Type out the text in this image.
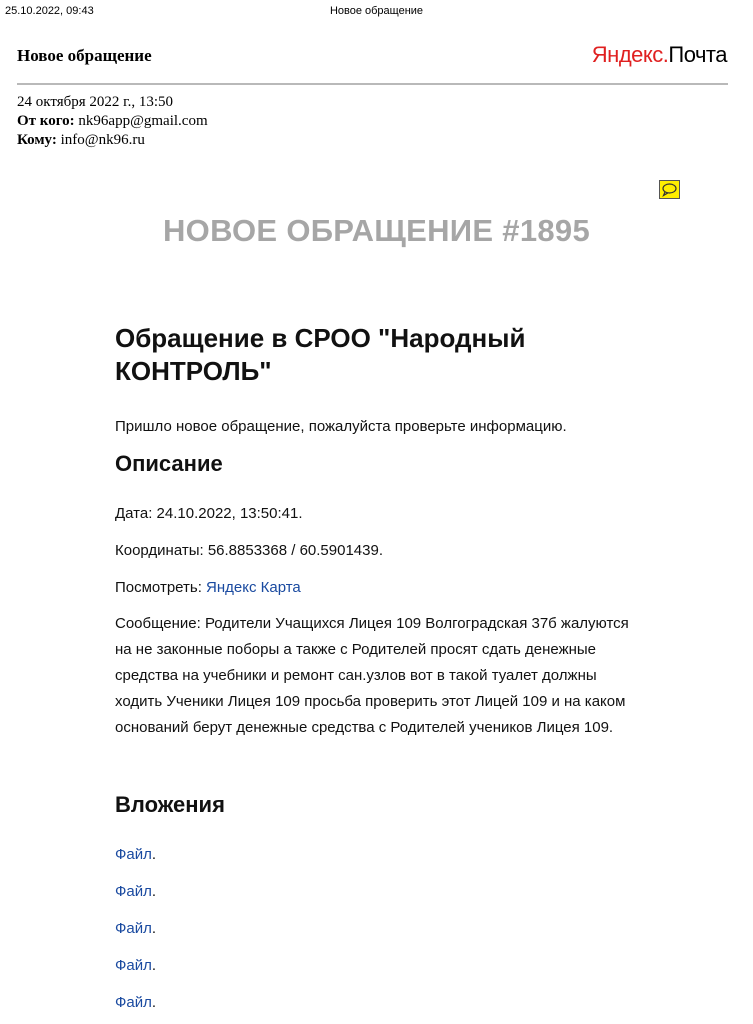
25.10.2022, 09:43	Новое обращение
Новое обращение	Яндекс.Почта
24 октября 2022 г., 13:50
От кого: nk96app@gmail.com
Кому: info@nk96.ru
НОВОЕ ОБРАЩЕНИЕ #1895
Обращение в СРОО "Народный КОНТРОЛЬ"
Пришло новое обращение, пожалуйста проверьте информацию.
Описание
Дата: 24.10.2022, 13:50:41.
Координаты: 56.8853368 / 60.5901439.
Посмотреть: Яндекс Карта
Сообщение: Родители Учащихся Лицея 109 Волгоградская 37б жалуются на не законные поборы а также с Родителей просят сдать денежные средства на учебники и ремонт сан.узлов вот в такой туалет должны ходить Ученики Лицея 109 просьба проверить этот Лицей 109 и на каком оснований берут денежные средства с Родителей учеников Лицея 109.
Вложения
Файл.
Файл.
Файл.
Файл.
Файл.
